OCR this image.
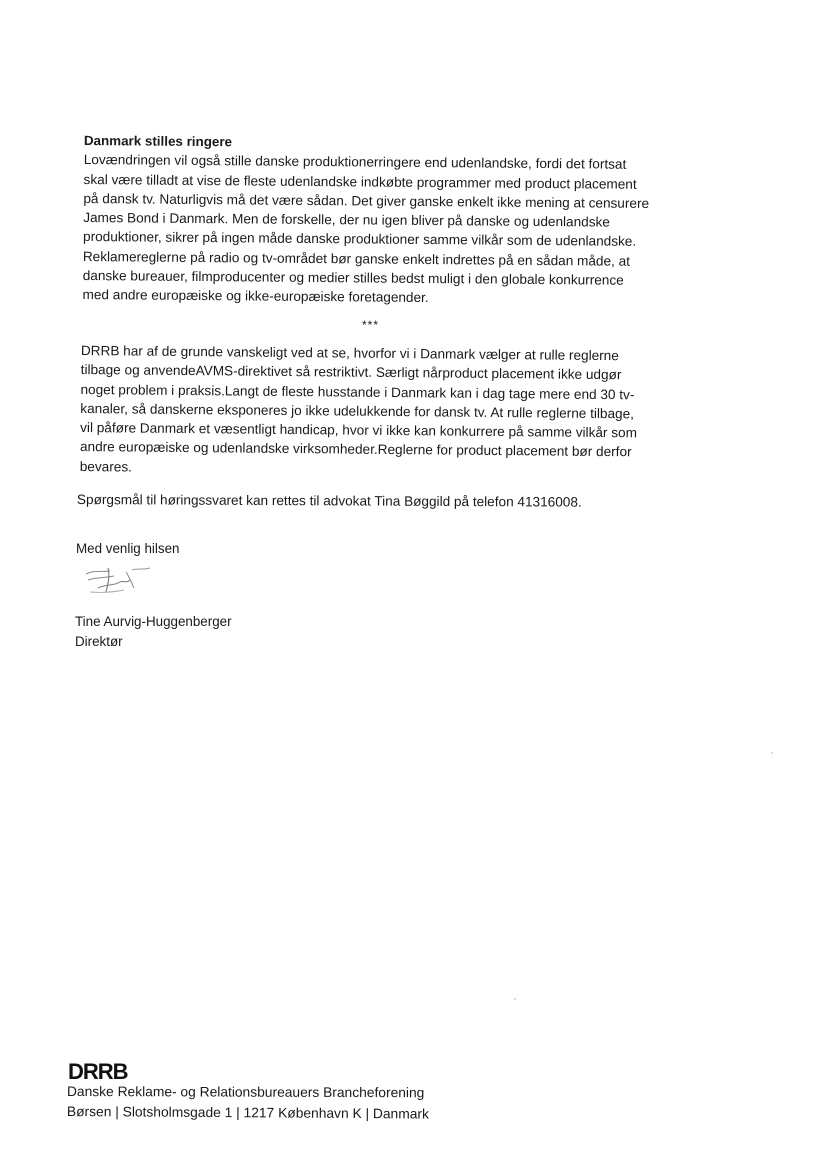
Danmark stilles ringere
Lovændringen vil også stille danske produktionerringere end udenlandske, fordi det fortsat
skal være tilladt at vise de fleste udenlandske indkøbte programmer med product placement
på dansk tv. Naturligvis må det være sådan. Det giver ganske enkelt ikke mening at censurere
James Bond i Danmark. Men de forskelle, der nu igen bliver på danske og udenlandske
produktioner, sikrer på ingen måde danske produktioner samme vilkår som de udenlandske.
Reklamereglerne på radio og tv-området bør ganske enkelt indrettes på en sådan måde, at
danske bureauer, filmproducenter og medier stilles bedst muligt i den globale konkurrence
med andre europæiske og ikke-europæiske foretagender.
***
DRRB har af de grunde vanskeligt ved at se, hvorfor vi i Danmark vælger at rulle reglerne
tilbage og anvendeAVMS-direktivet så restriktivt. Særligt nårproduct placement ikke udgør
noget problem i praksis.Langt de fleste husstande i Danmark kan i dag tage mere end 30 tv-
kanaler, så danskerne eksponeres jo ikke udelukkende for dansk tv. At rulle reglerne tilbage,
vil påføre Danmark et væsentligt handicap, hvor vi ikke kan konkurrere på samme vilkår som
andre europæiske og udenlandske virksomheder.Reglerne for product placement bør derfor
bevares.
Spørgsmål til høringssvaret kan rettes til advokat Tina Bøggild på telefon 41316008.
Med venlig hilsen
Tine Aurvig-Huggenberger
Direktør
DRRB
Danske Reklame- og Relationsbureauers Brancheforening
Børsen | Slotsholmsgade 1 | 1217 København K | Danmark
